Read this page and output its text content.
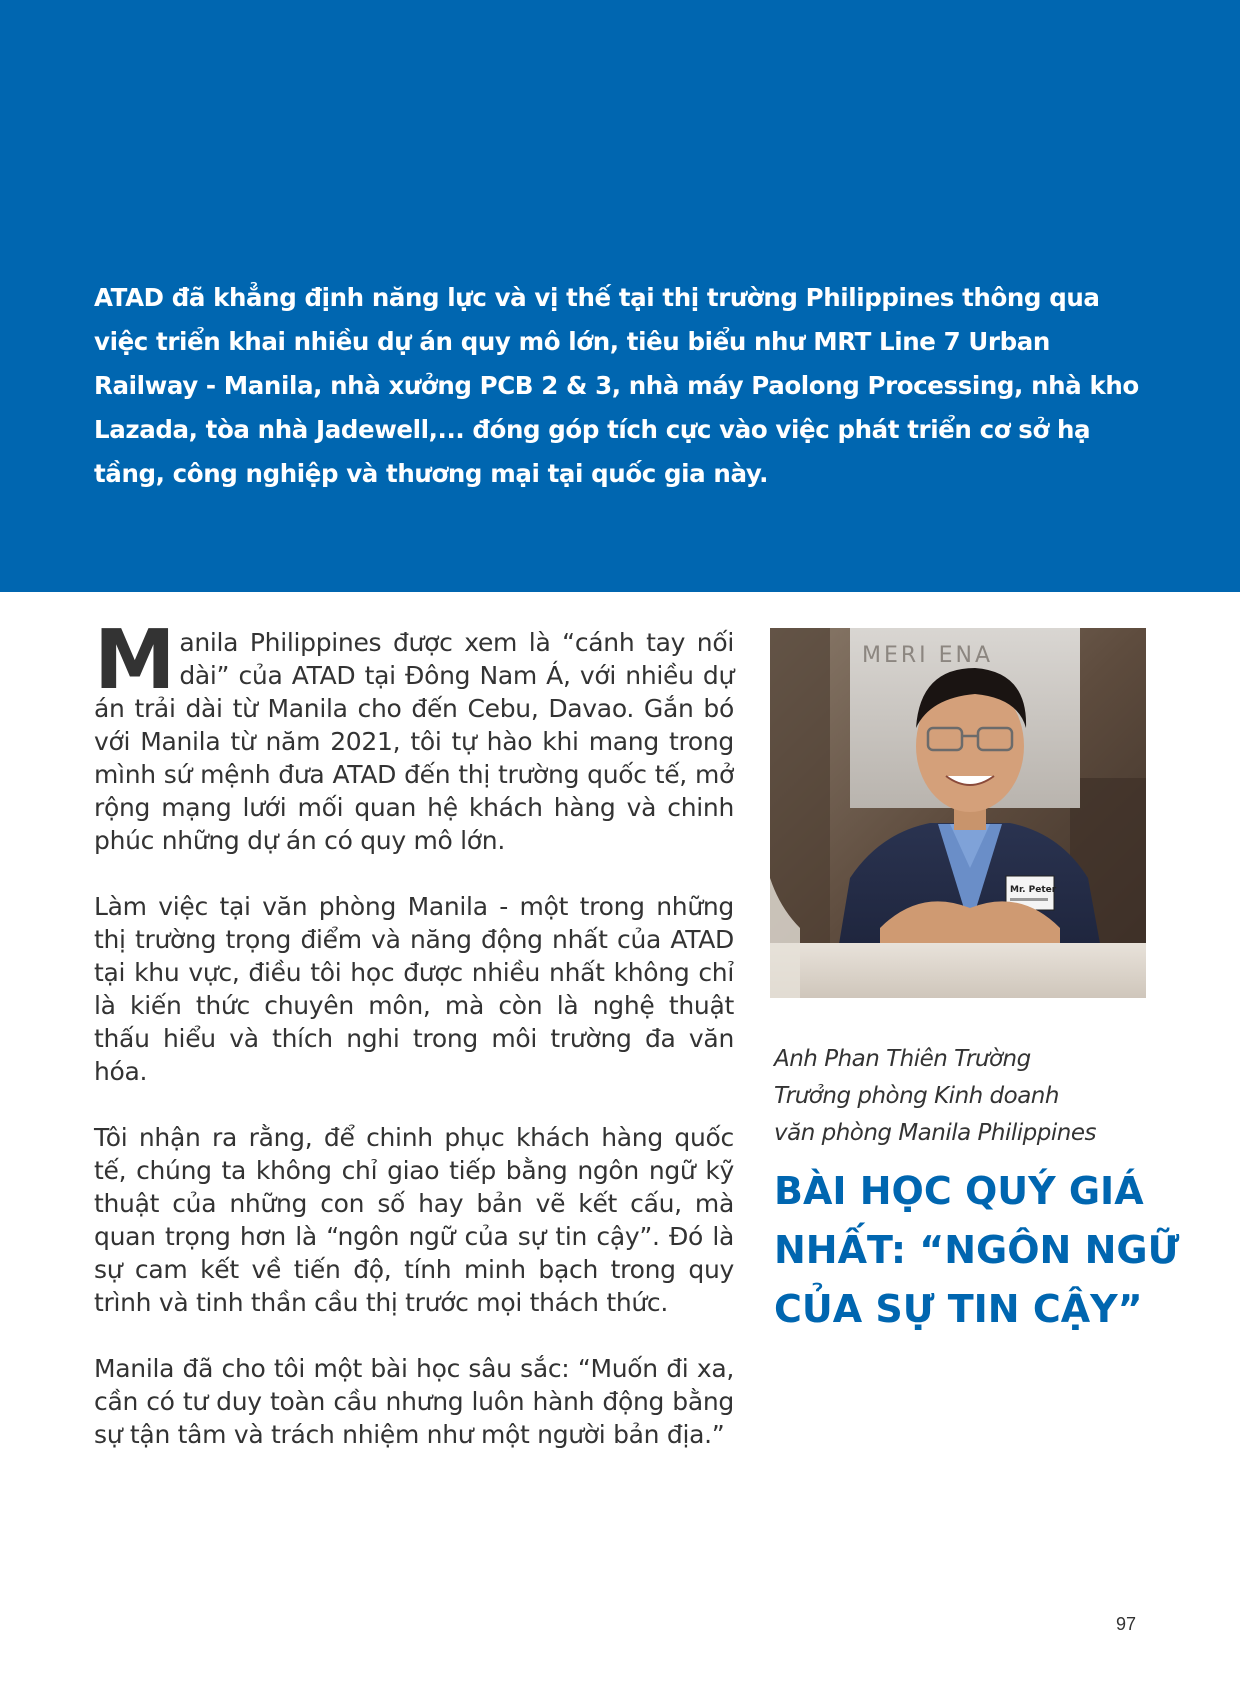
ATAD đã khẳng định năng lực và vị thế tại thị trường Philippines thông qua việc triển khai nhiều dự án quy mô lớn, tiêu biểu như MRT Line 7 Urban Railway - Manila, nhà xưởng PCB 2 & 3, nhà máy Paolong Processing, nhà kho Lazada, tòa nhà Jadewell,... đóng góp tích cực vào việc phát triển cơ sở hạ tầng, công nghiệp và thương mại tại quốc gia này.

Manila Philippines được xem là “cánh tay nối dài” của ATAD tại Đông Nam Á, với nhiều dự án trải dài từ Manila cho đến Cebu, Davao. Gắn bó với Manila từ năm 2021, tôi tự hào khi mang trong mình sứ mệnh đưa ATAD đến thị trường quốc tế, mở rộng mạng lưới mối quan hệ khách hàng và chinh phúc những dự án có quy mô lớn.

Làm việc tại văn phòng Manila - một trong những thị trường trọng điểm và năng động nhất của ATAD tại khu vực, điều tôi học được nhiều nhất không chỉ là kiến thức chuyên môn, mà còn là nghệ thuật thấu hiểu và thích nghi trong môi trường đa văn hóa.

Tôi nhận ra rằng, để chinh phục khách hàng quốc tế, chúng ta không chỉ giao tiếp bằng ngôn ngữ kỹ thuật của những con số hay bản vẽ kết cấu, mà quan trọng hơn là “ngôn ngữ của sự tin cậy”. Đó là sự cam kết về tiến độ, tính minh bạch trong quy trình và tinh thần cầu thị trước mọi thách thức.

Manila đã cho tôi một bài học sâu sắc: “Muốn đi xa, cần có tư duy toàn cầu nhưng luôn hành động bằng sự tận tâm và trách nhiệm như một người bản địa.”

MERI ENA
Mr. Peter
Anh Phan Thiên Trường
Trưởng phòng Kinh doanh
văn phòng Manila Philippines
BÀI HỌC QUÝ GIÁ
NHẤT: “NGÔN NGỮ
CỦA SỰ TIN CẬY”
97
